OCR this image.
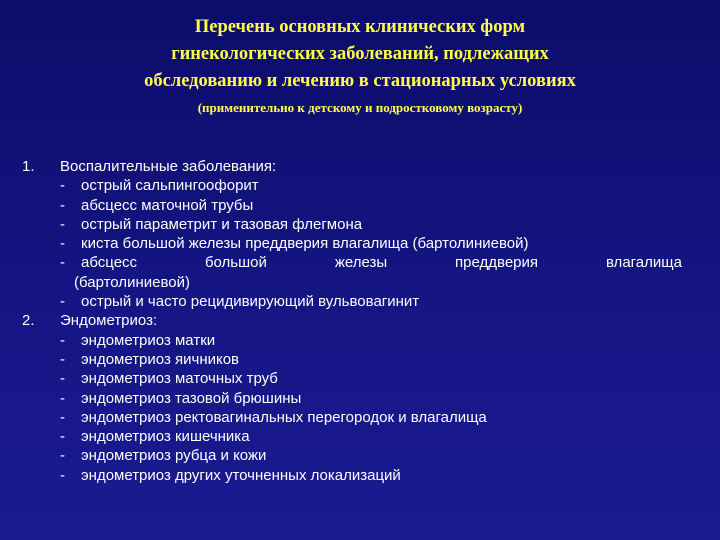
Перечень основных клинических форм
гинекологических заболеваний, подлежащих
обследованию и лечению в стационарных условиях
(применительно к детскому и подростковому возрасту)
1.	Воспалительные заболевания:
-	острый сальпингоофорит
-	абсцесс маточной трубы
-	острый параметрит и тазовая флегмона
-	киста большой железы преддверия влагалища (бартолиниевой)
-	абсцесс	большой	железы	преддверия	влагалища
(бартолиниевой)
-	острый и часто рецидивирующий вульвовагинит
2.	Эндометриоз:
-	эндометриоз матки
-	эндометриоз яичников
-	эндометриоз маточных труб
-	эндометриоз тазовой брюшины
-	эндометриоз ректовагинальных перегородок и влагалища
-	эндометриоз кишечника
-	эндометриоз рубца и кожи
-	эндометриоз других уточненных локализаций
